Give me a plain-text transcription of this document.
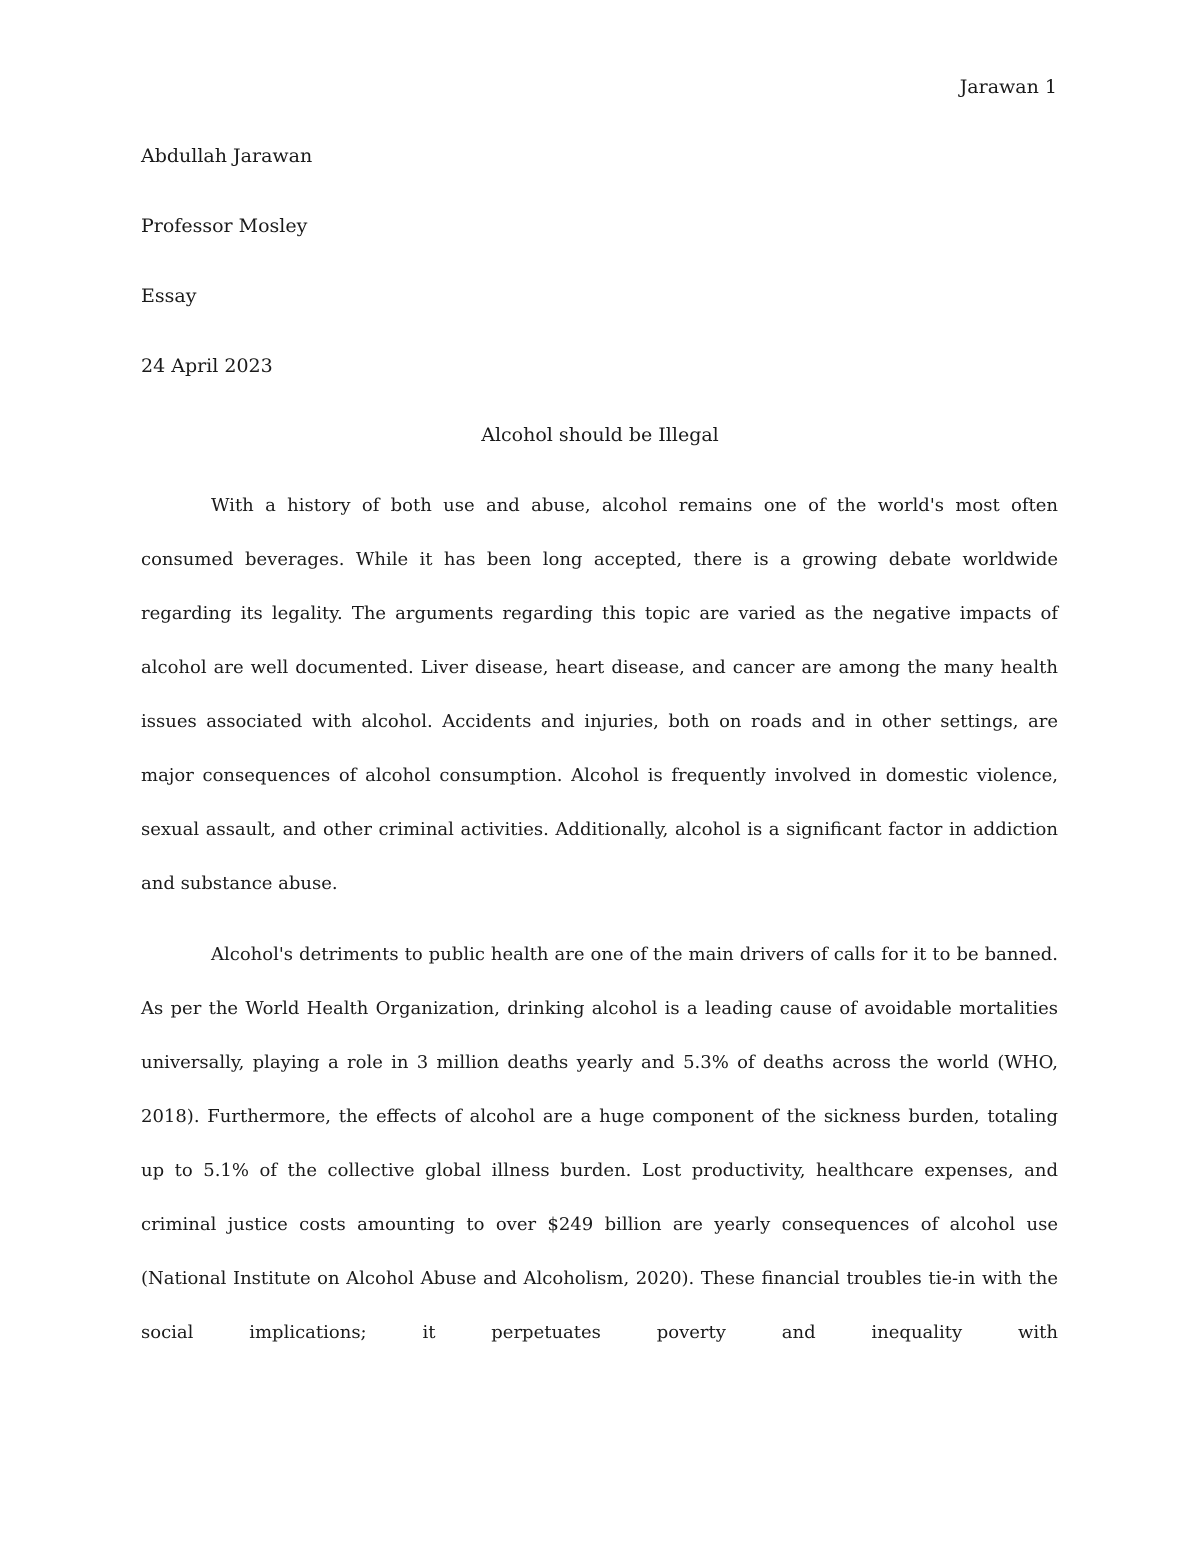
Jarawan 1
Abdullah Jarawan
Professor Mosley
Essay
24 April 2023
Alcohol should be Illegal

With a history of both use and abuse, alcohol remains one of the world's most often consumed beverages. While it has been long accepted, there is a growing debate worldwide regarding its legality. The arguments regarding this topic are varied as the negative impacts of alcohol are well documented. Liver disease, heart disease, and cancer are among the many health issues associated with alcohol. Accidents and injuries, both on roads and in other settings, are major consequences of alcohol consumption. Alcohol is frequently involved in domestic violence, sexual assault, and other criminal activities. Additionally, alcohol is a significant factor in addiction and substance abuse.

Alcohol's detriments to public health are one of the main drivers of calls for it to be banned. As per the World Health Organization, drinking alcohol is a leading cause of avoidable mortalities universally, playing a role in 3 million deaths yearly and 5.3% of deaths across the world (WHO, 2018). Furthermore, the effects of alcohol are a huge component of the sickness burden, totaling up to 5.1% of the collective global illness burden. Lost productivity, healthcare expenses, and criminal justice costs amounting to over $249 billion are yearly consequences of alcohol use (National Institute on Alcohol Abuse and Alcoholism, 2020). These financial troubles tie-in with the social implications; it perpetuates poverty and inequality with
